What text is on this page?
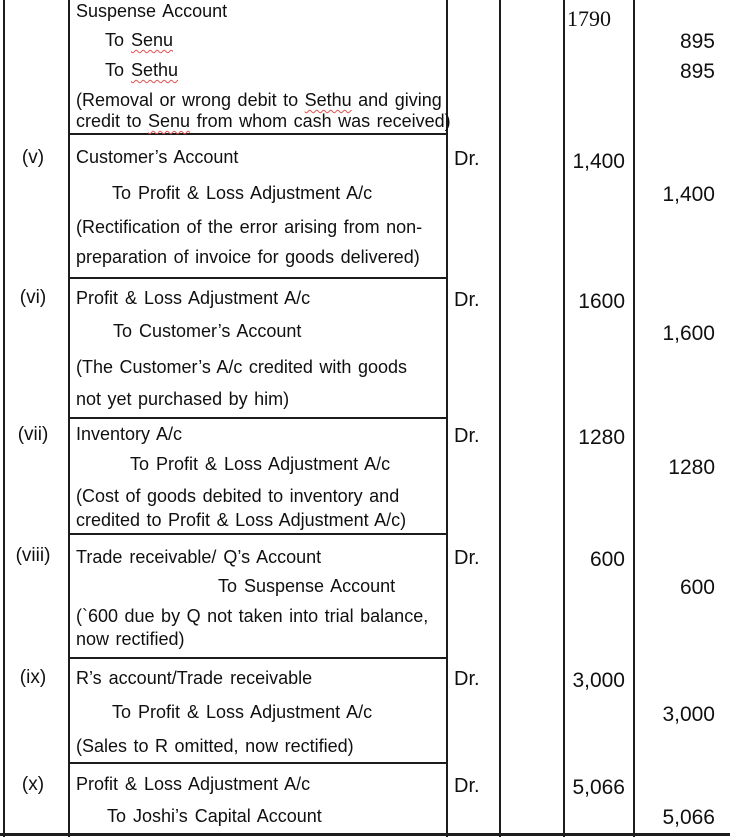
Suspense Account	1790
To Senu	895
To Sethu	895
(Removal or wrong debit to Sethu and giving
credit to Senu from whom cash was received)
(v)	Customer’s Account	Dr.	1,400
To Profit & Loss Adjustment A/c	1,400
(Rectification of the error arising from non-
preparation of invoice for goods delivered)
(vi)	Profit & Loss Adjustment A/c	Dr.	1600
To Customer’s Account	1,600
(The Customer’s A/c credited with goods
not yet purchased by him)
(vii)	Inventory A/c	Dr.	1280
To Profit & Loss Adjustment A/c	1280
(Cost of goods debited to inventory and
credited to Profit & Loss Adjustment A/c)
(viii)	Trade receivable/ Q’s Account	Dr.	600
To Suspense Account	600
(`600 due by Q not taken into trial balance,
now rectified)
(ix)	R’s account/Trade receivable	Dr.	3,000
To Profit & Loss Adjustment A/c	3,000
(Sales to R omitted, now rectified)
(x)	Profit & Loss Adjustment A/c	Dr.	5,066
To Joshi’s Capital Account	5,066
